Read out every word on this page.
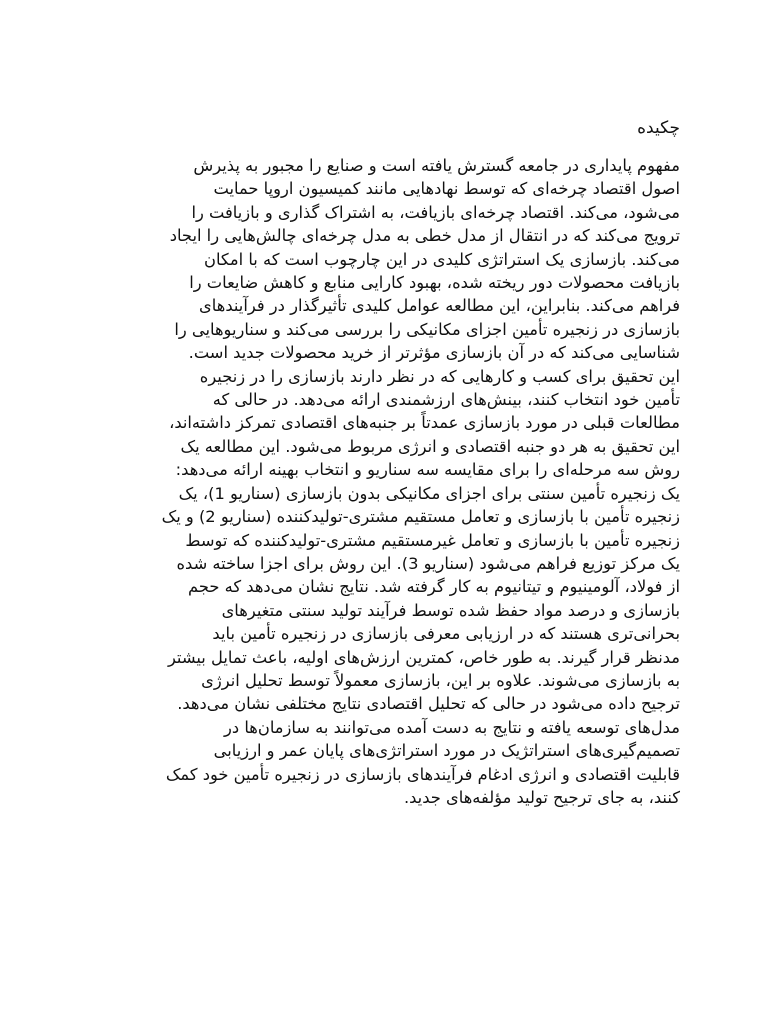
چکیده

مفهوم پایداری در جامعه گسترش یافته است و صنایع را مجبور به پذیرش
اصول اقتصاد چرخه‌ای که توسط نهادهایی مانند کمیسیون اروپا حمایت
می‌شود، می‌کند. اقتصاد چرخه‌ای بازیافت، به اشتراک گذاری و بازیافت را
ترویج می‌کند که در انتقال از مدل خطی به مدل چرخه‌ای چالش‌هایی را ایجاد
می‌کند. بازسازی یک استراتژی کلیدی در این چارچوب است که با امکان
بازیافت محصولات دور ریخته شده، بهبود کارایی منابع و کاهش ضایعات را
فراهم می‌کند. بنابراین، این مطالعه عوامل کلیدی تأثیرگذار در فرآیندهای
بازسازی در زنجیره تأمین اجزای مکانیکی را بررسی می‌کند و سناریوهایی را
شناسایی می‌کند که در آن بازسازی مؤثرتر از خرید محصولات جدید است.
این تحقیق برای کسب و کارهایی که در نظر دارند بازسازی را در زنجیره
تأمین خود انتخاب کنند، بینش‌های ارزشمندی ارائه می‌دهد. در حالی که
مطالعات قبلی در مورد بازسازی عمدتاً بر جنبه‌های اقتصادی تمرکز داشته‌اند،
این تحقیق به هر دو جنبه اقتصادی و انرژی مربوط می‌شود. این مطالعه یک
روش سه مرحله‌ای را برای مقایسه سه سناریو و انتخاب بهینه ارائه می‌دهد:
یک زنجیره تأمین سنتی برای اجزای مکانیکی بدون بازسازی (سناریو 1)، یک
زنجیره تأمین با بازسازی و تعامل مستقیم مشتری-تولیدکننده (سناریو 2) و یک
زنجیره تأمین با بازسازی و تعامل غیرمستقیم مشتری-تولیدکننده که توسط
یک مرکز توزیع فراهم می‌شود (سناریو 3). این روش برای اجزا ساخته شده
از فولاد، آلومینیوم و تیتانیوم به کار گرفته شد. نتایج نشان می‌دهد که حجم
بازسازی و درصد مواد حفظ شده توسط فرآیند تولید سنتی متغیرهای
بحرانی‌تری هستند که در ارزیابی معرفی بازسازی در زنجیره تأمین باید
مدنظر قرار گیرند. به طور خاص، کمترین ارزش‌های اولیه، باعث تمایل بیشتر
به بازسازی می‌شوند. علاوه بر این، بازسازی معمولاً توسط تحلیل انرژی
ترجیح داده می‌شود در حالی که تحلیل اقتصادی نتایج مختلفی نشان می‌دهد.
مدل‌های توسعه یافته و نتایج به دست آمده می‌توانند به سازمان‌ها در
تصمیم‌گیری‌های استراتژیک در مورد استراتژی‌های پایان عمر و ارزیابی
قابلیت اقتصادی و انرژی ادغام فرآیندهای بازسازی در زنجیره تأمین خود کمک
کنند، به جای ترجیح تولید مؤلفه‌های جدید.
